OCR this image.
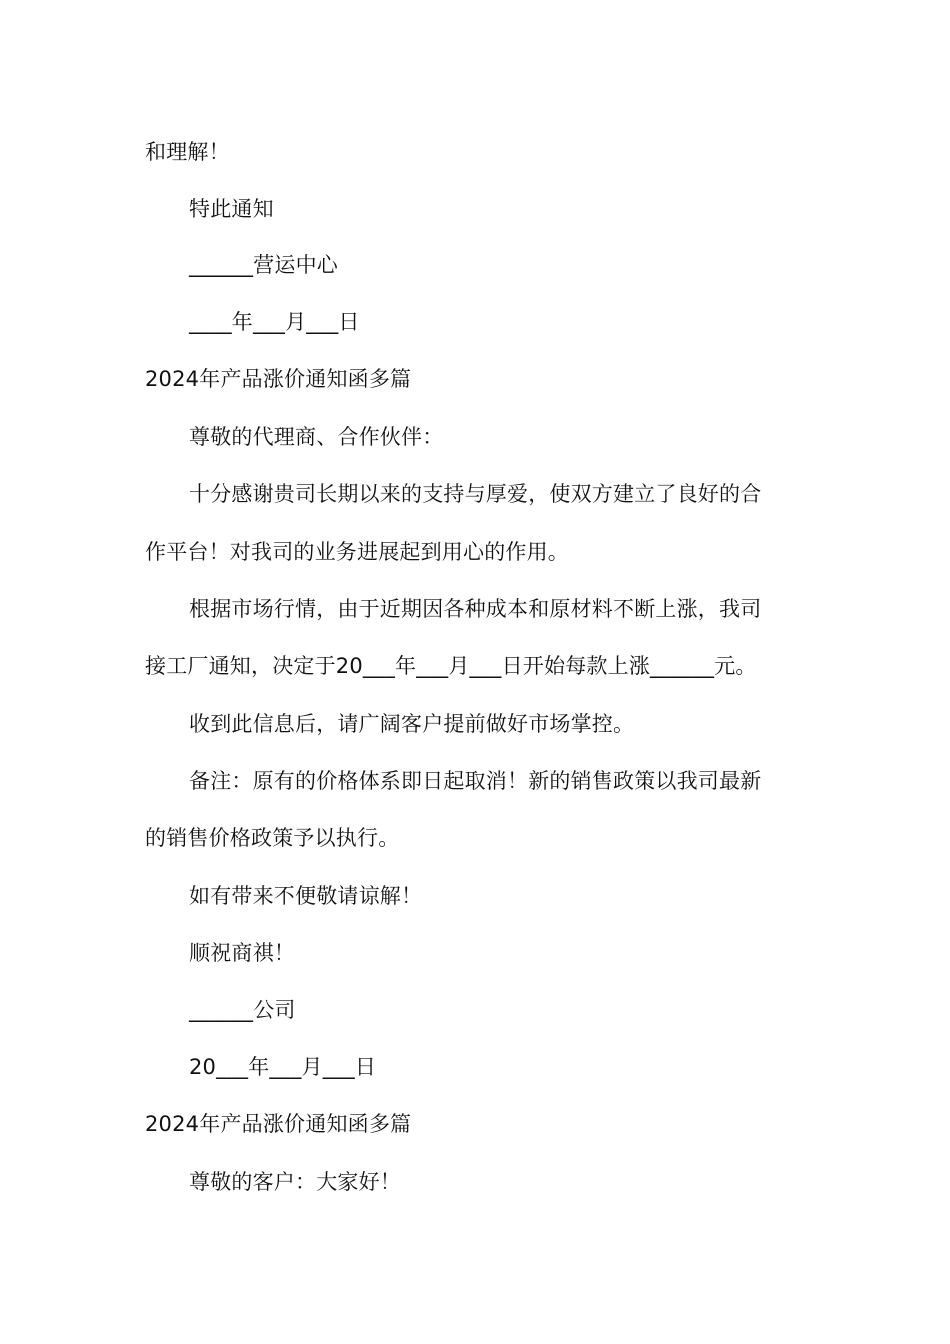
和理解！
特此通知
______营运中心
____年___月___日
2024年产品涨价通知函多篇
尊敬的代理商、合作伙伴：
十分感谢贵司长期以来的支持与厚爱，使双方建立了良好的合
作平台！对我司的业务进展起到用心的作用。
根据市场行情，由于近期因各种成本和原材料不断上涨，我司
接工厂通知，决定于20___年___月___日开始每款上涨______元。
收到此信息后，请广阔客户提前做好市场掌控。
备注：原有的价格体系即日起取消！新的销售政策以我司最新
的销售价格政策予以执行。
如有带来不便敬请谅解！
顺祝商祺！
______公司
20___年___月___日
2024年产品涨价通知函多篇
尊敬的客户：大家好！
